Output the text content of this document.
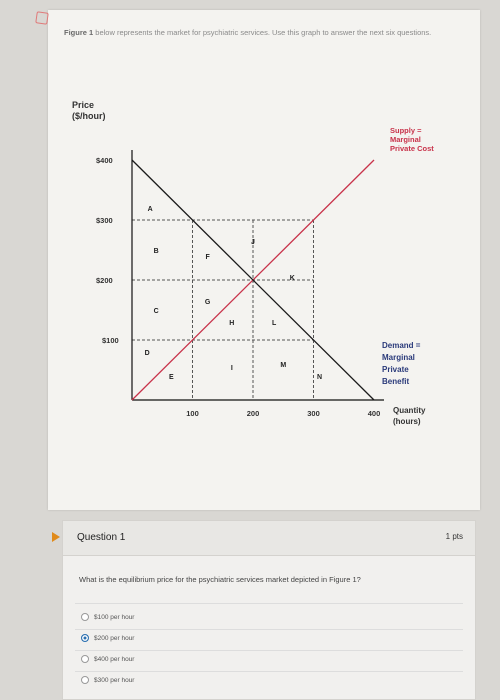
Figure 1 below represents the market for psychiatric services. Use this graph to answer the next six questions.
Price
($/hour)
Quantity
(hours)
$400
$300
$200
$100
100	200	300	400
Supply =
Marginal
Private Cost
Demand =
Marginal
Private
Benefit
A
B
C
D
E
F
G
H
I
J
K
L
M
N
Question 1	1 pts
What is the equilibrium price for the psychiatric services market depicted in Figure 1?
$100 per hour
$200 per hour
$400 per hour
$300 per hour
